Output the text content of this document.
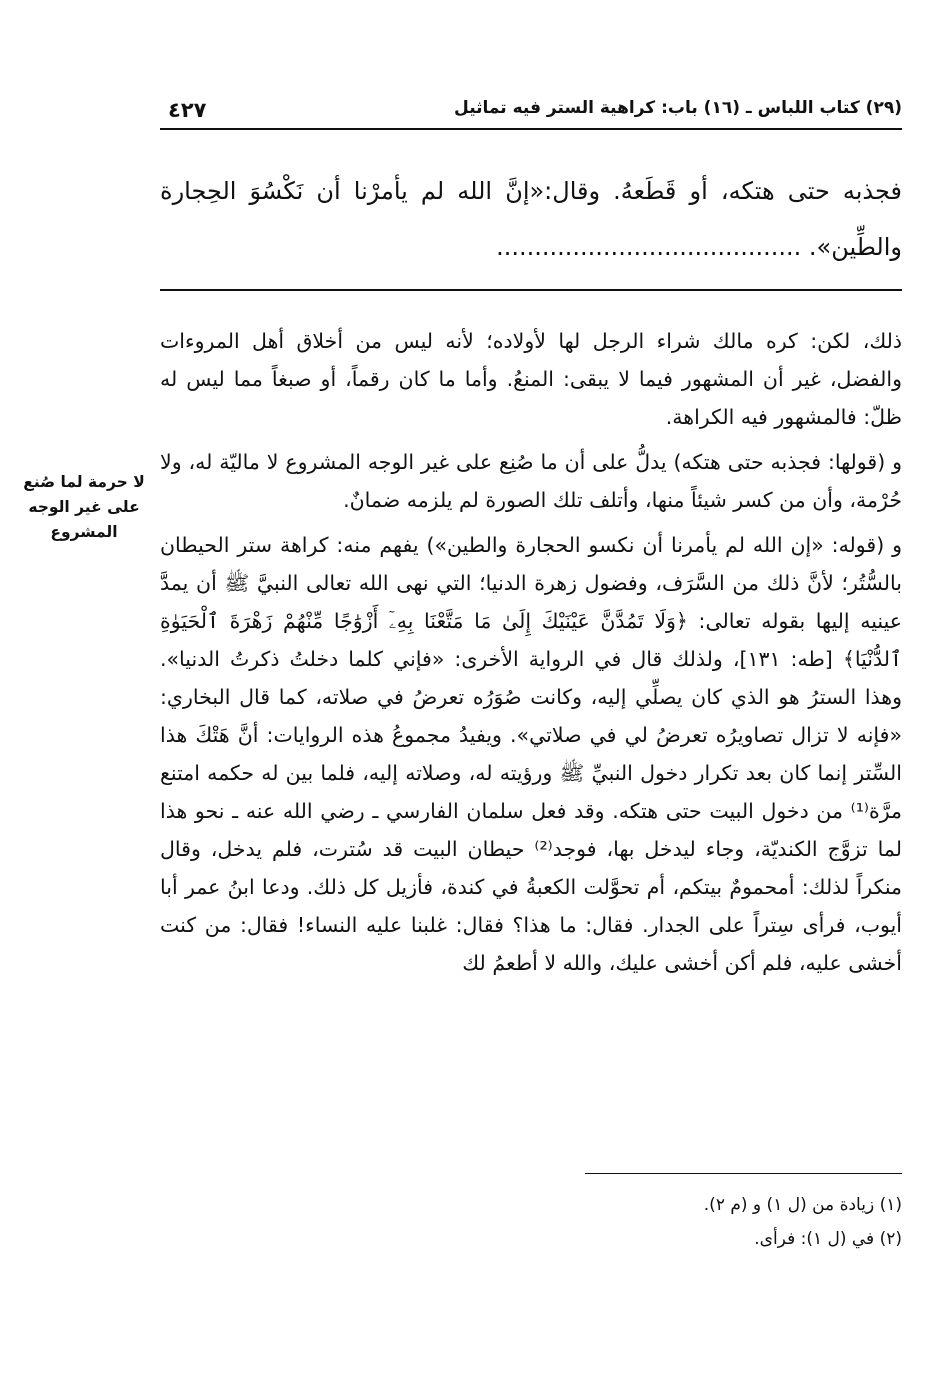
(٢٩) كتاب اللباس ـ (١٦) باب: كراهية الستر فيه تماثيل
٤٢٧
فجذبه حتى هتكه، أو قَطَعهُ. وقال:«إنَّ الله لم يأمرْنا أن نَكْسُوَ الحِجارة والطِّين». ........................................

ذلك، لكن: كره مالك شراء الرجل لها لأولاده؛ لأنه ليس من أخلاق أهل المروءات والفضل، غير أن المشهور فيما لا يبقى: المنعُ. وأما ما كان رقماً، أو صبغاً مما ليس له ظلّ: فالمشهور فيه الكراهة.

و (قولها: فجذبه حتى هتكه) يدلُّ على أن ما صُنِع على غير الوجه المشروع لا ماليّة له، ولا حُرْمة، وأن من كسر شيئاً منها، وأتلف تلك الصورة لم يلزمه ضمانٌ.

و (قوله: «إن الله لم يأمرنا أن نكسو الحجارة والطين») يفهم منه: كراهة ستر الحيطان بالسُّتُر؛ لأنَّ ذلك من السَّرَف، وفضول زهرة الدنيا؛ التي نهى الله تعالى النبيَّ ﷺ أن يمدَّ عينيه إليها بقوله تعالى: ﴿وَلَا تَمُدَّنَّ عَيْنَيْكَ إِلَىٰ مَا مَتَّعْنَا بِهِۦٓ أَزْوَٰجًا مِّنْهُمْ زَهْرَةَ ٱلْحَيَوٰةِ ٱلدُّنْيَا﴾ [طه: ١٣١]، ولذلك قال في الرواية الأخرى: «فإني كلما دخلتُ ذكرتُ الدنيا». وهذا السترُ هو الذي كان يصلِّي إليه، وكانت صُوَرُه تعرضُ في صلاته، كما قال البخاري: «فإنه لا تزال تصاويرُه تعرضُ لي في صلاتي». ويفيدُ مجموعُ هذه الروايات: أنَّ هَتْكَ هذا السِّتر إنما كان بعد تكرار دخول النبيِّ ﷺ ورؤيته له، وصلاته إليه، فلما بين له حكمه امتنع مرَّة⁽¹⁾ من دخول البيت حتى هتكه. وقد فعل سلمان الفارسي ـ رضي الله عنه ـ نحو هذا لما تزوَّج الكنديّة، وجاء ليدخل بها، فوجد⁽²⁾ حيطان البيت قد سُترت، فلم يدخل، وقال منكراً لذلك: أمحمومٌ بيتكم، أم تحوَّلت الكعبةُ في كندة، فأزيل كل ذلك. ودعا ابنُ عمر أبا أيوب، فرأى سِتراً على الجدار. فقال: ما هذا؟ فقال: غلبنا عليه النساء! فقال: من كنت أخشى عليه، فلم أكن أخشى عليك، والله لا أطعمُ لك

لا حرمة لما صُنع على غير الوجه المشروع

(١) زيادة من (ل ١) و (م ٢).

(٢) في (ل ١): فرأى.
